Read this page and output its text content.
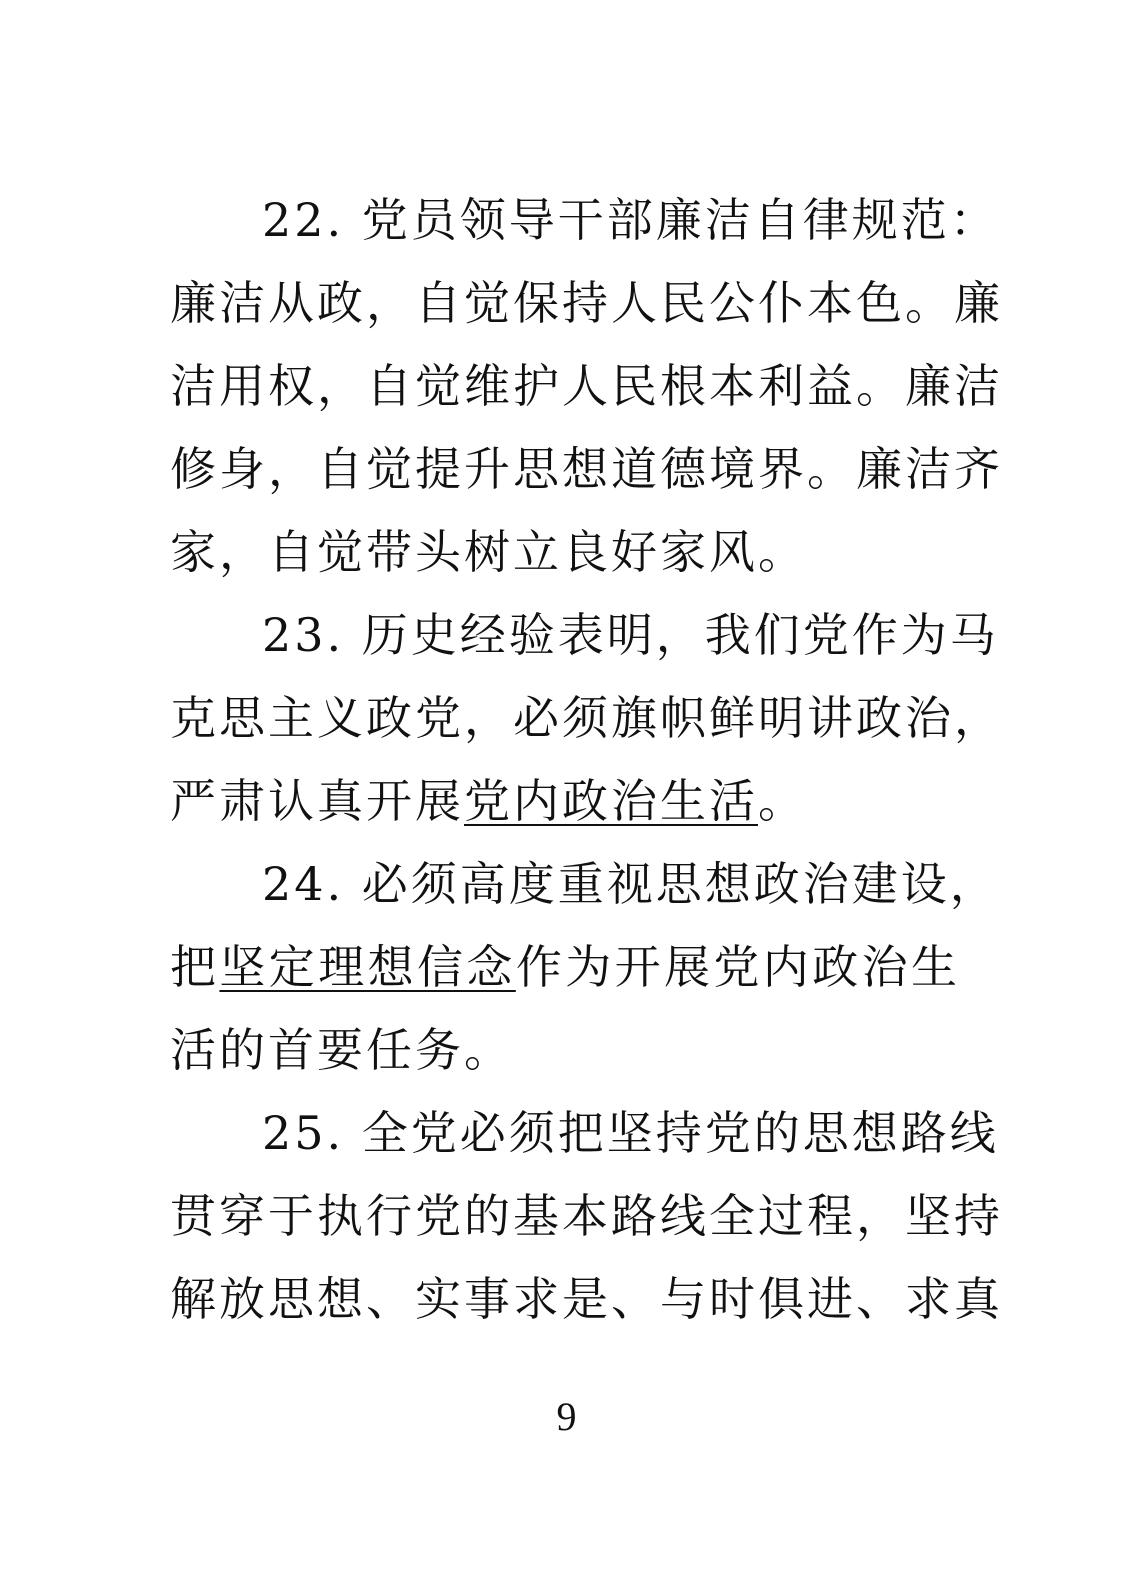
22. 党员领导干部廉洁自律规范：
廉洁从政，自觉保持人民公仆本色。廉
洁用权，自觉维护人民根本利益。廉洁
修身，自觉提升思想道德境界。廉洁齐
家，自觉带头树立良好家风。
23. 历史经验表明，我们党作为马
克思主义政党，必须旗帜鲜明讲政治，
严肃认真开展党内政治生活。
24. 必须高度重视思想政治建设，
把坚定理想信念作为开展党内政治生
活的首要任务。
25. 全党必须把坚持党的思想路线
贯穿于执行党的基本路线全过程，坚持
解放思想、实事求是、与时俱进、求真
9
